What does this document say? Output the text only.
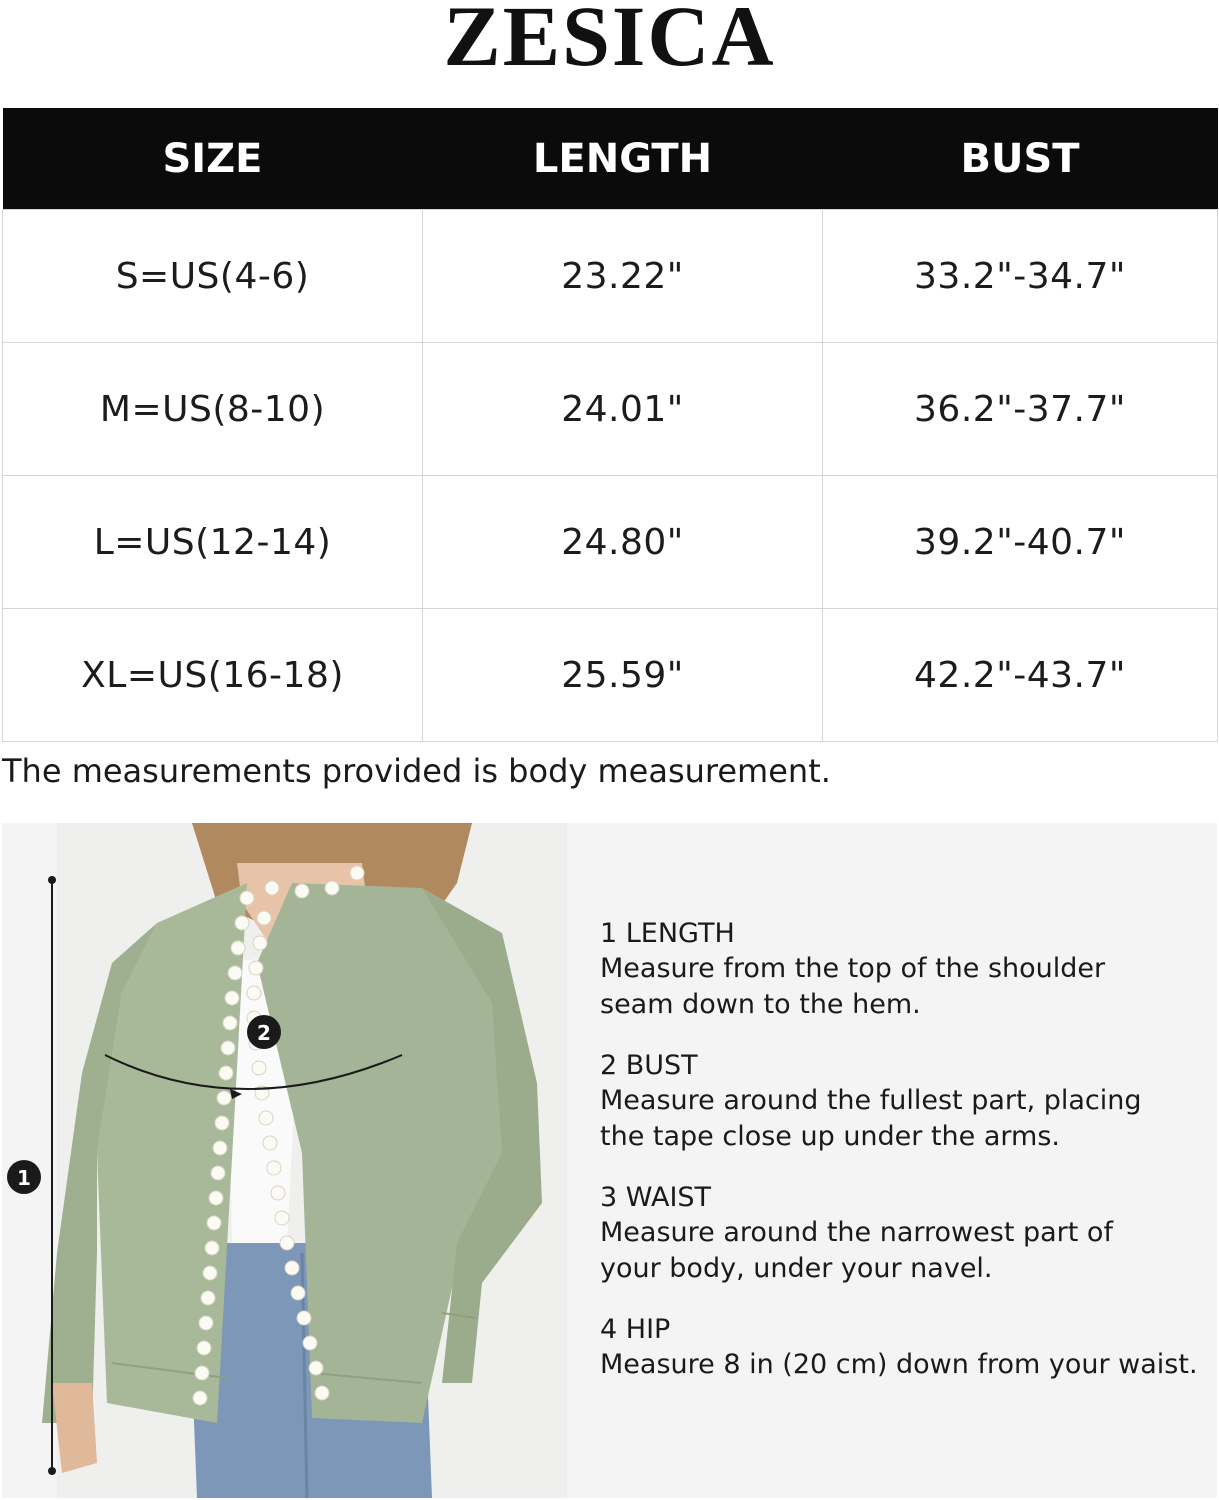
ZESICA
SIZE	LENGTH	BUST
S=US(4-6)	23.22"	33.2"-34.7"
M=US(8-10)	24.01"	36.2"-37.7"
L=US(12-14)	24.80"	39.2"-40.7"
XL=US(16-18)	25.59"	42.2"-43.7"
The measurements provided is body measurement.
1
2
1 LENGTH
Measure from the top of the shoulder
seam down to the hem.
2 BUST
Measure around the fullest part, placing
the tape close up under the arms.
3 WAIST
Measure around the narrowest part of
your body, under your navel.
4 HIP
Measure 8 in (20 cm) down from your waist.
